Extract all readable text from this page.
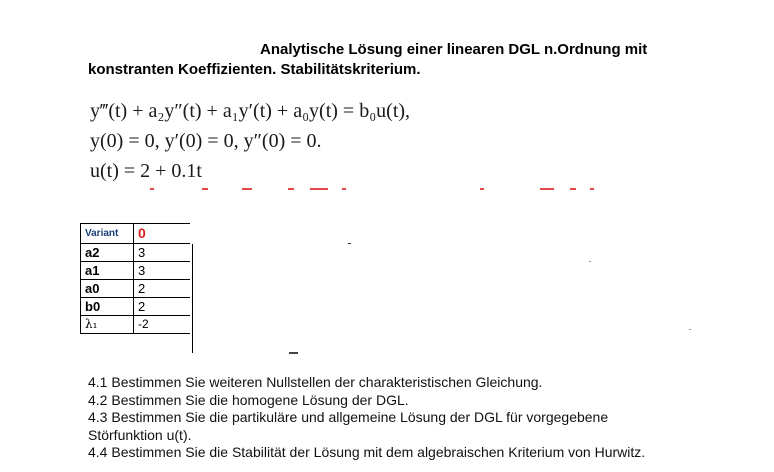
Analytische Lösung einer linearen DGL n.Ordnung mit
konstranten Koeffizienten. Stabilitätskriterium.
y‴(t) + a₂y″(t) + a₁y′(t) + a₀y(t) = b₀u(t),
y(0) = 0, y′(0) = 0, y″(0) = 0.
u(t) = 2 + 0.1t
Variant	0
a2	3
a1	3
a0	2
b0	2
λ₁	-2
4.1 Bestimmen Sie weiteren Nullstellen der charakteristischen Gleichung.
4.2 Bestimmen Sie die homogene Lösung der DGL.
4.3 Bestimmen Sie die partikuläre und allgemeine Lösung der DGL für vorgegebene
Störfunktion u(t).
4.4 Bestimmen Sie die Stabilität der Lösung mit dem algebraischen Kriterium von Hurwitz.
